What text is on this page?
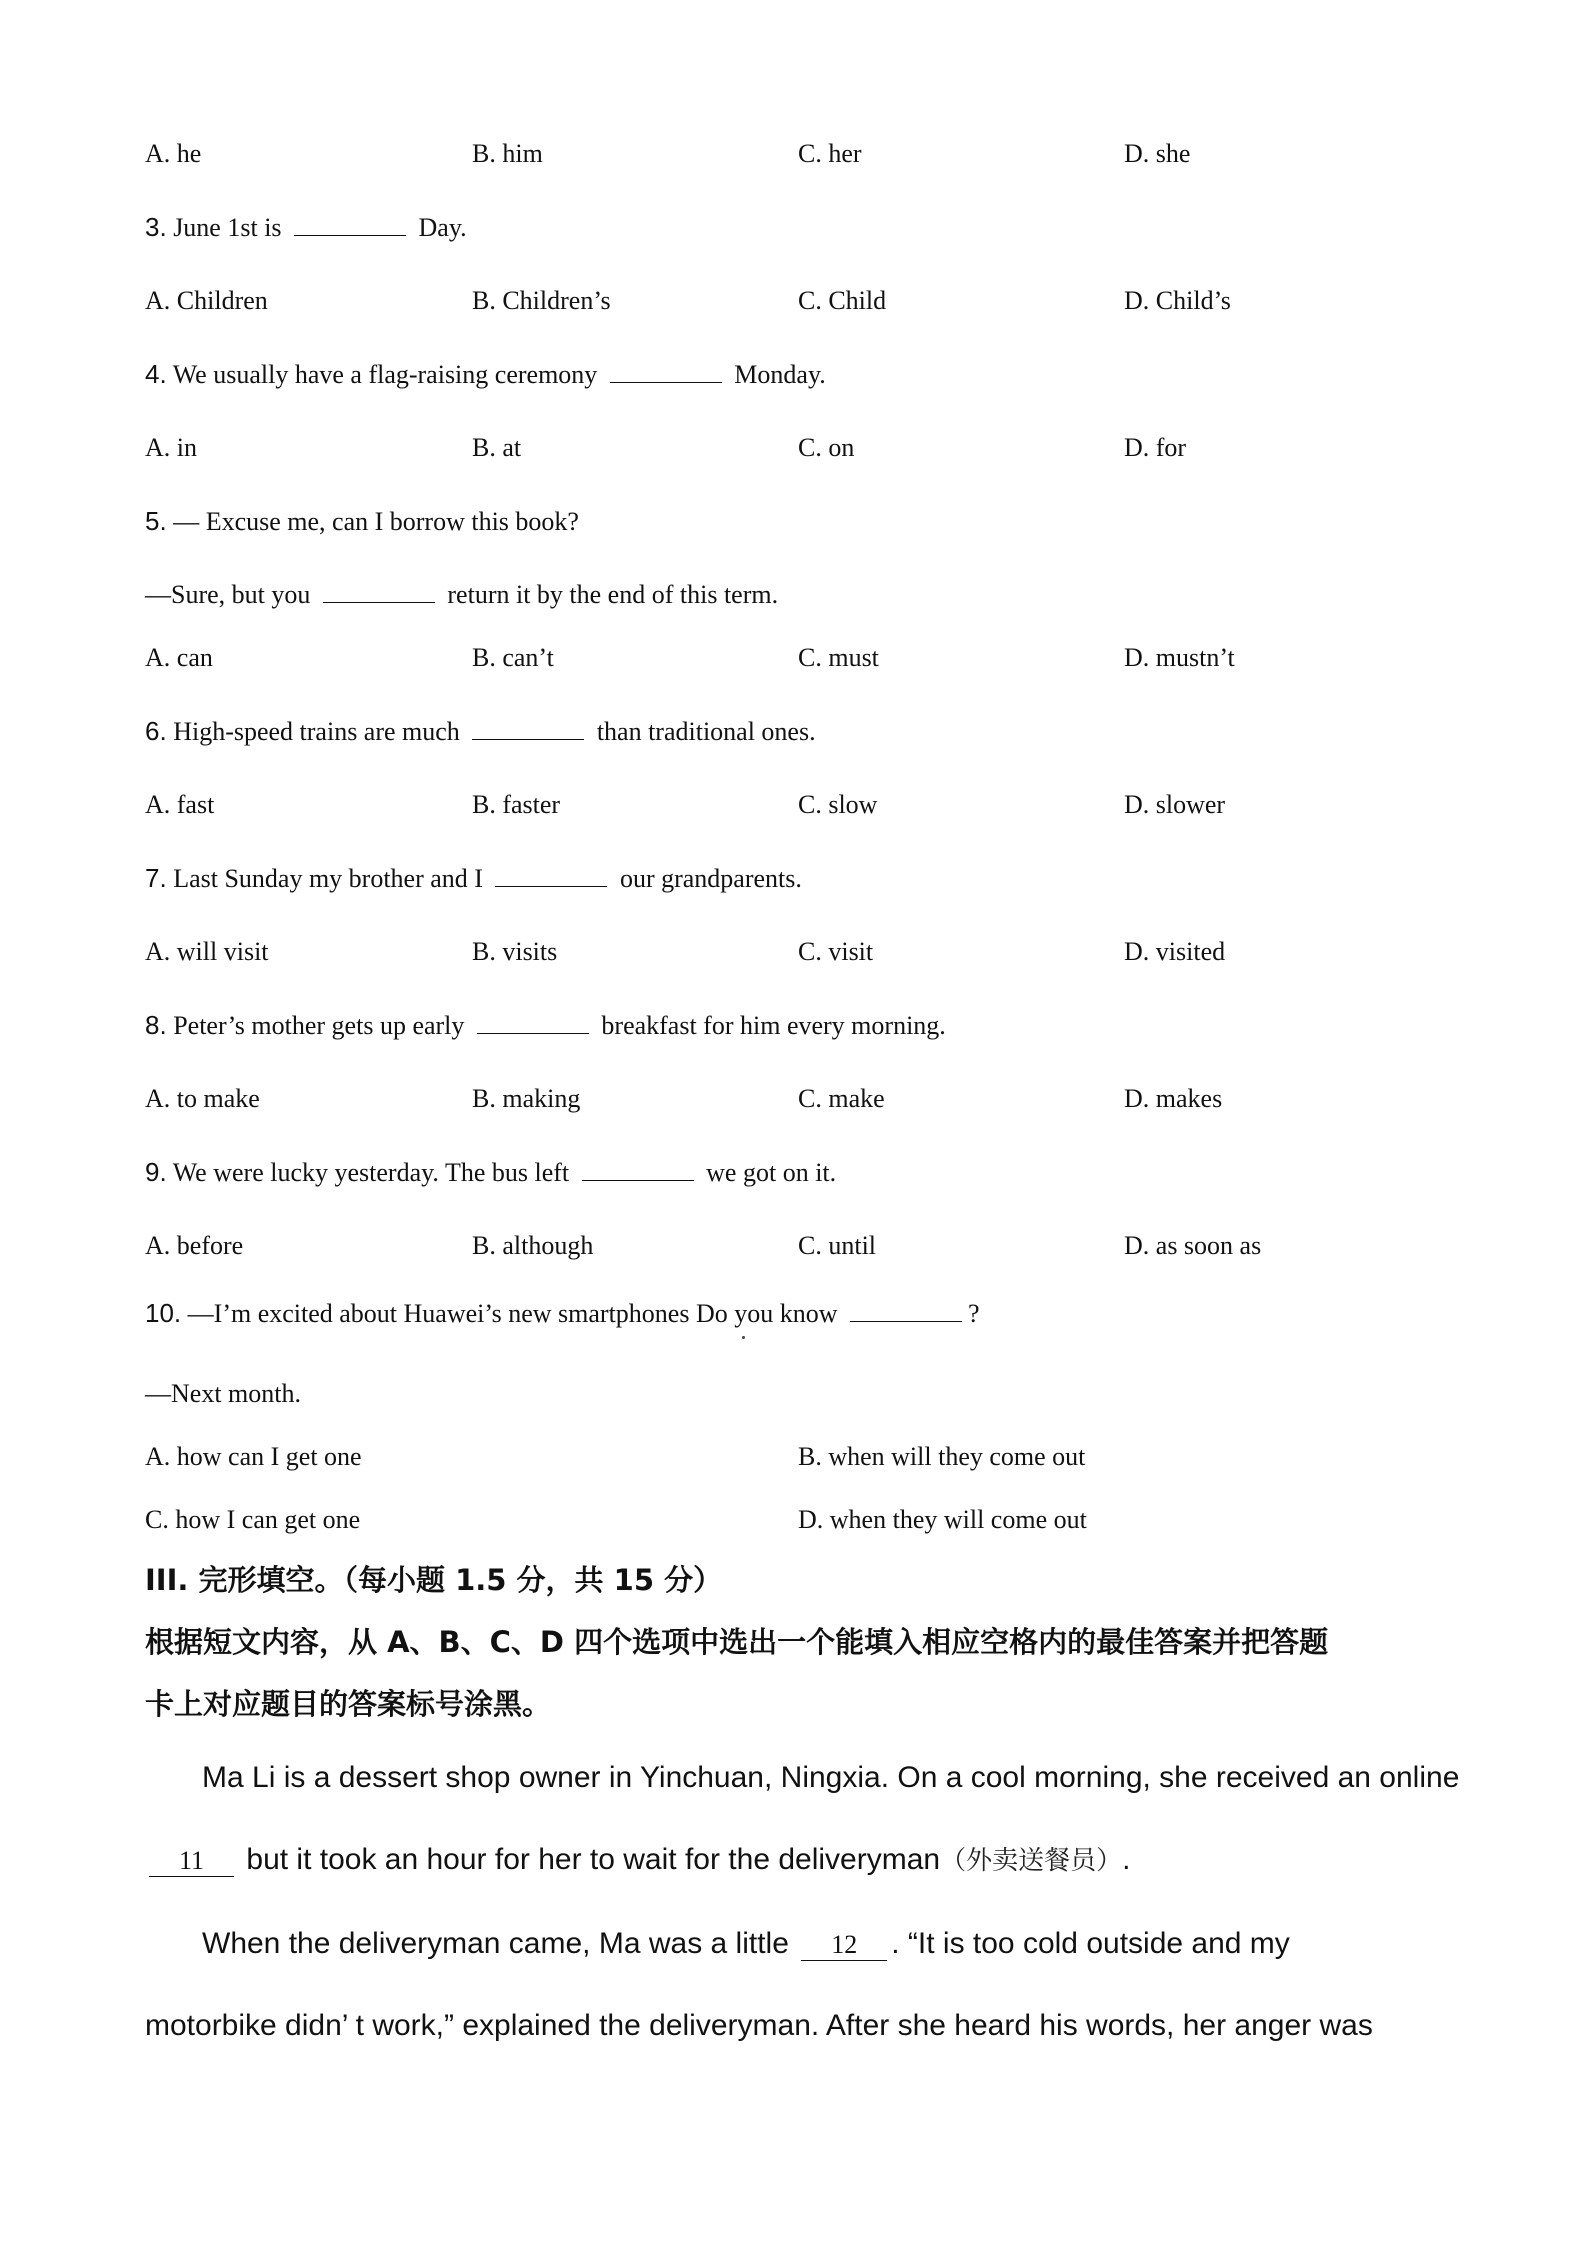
A. he	B. him	C. her	D. she
3. June 1st is	Day.
A. Children	B. Children’s	C. Child	D. Child’s
4. We usually have a flag-raising ceremony	Monday.
A. in	B. at	C. on	D. for
5. — Excuse me, can I borrow this book?
—Sure, but you	return it by the end of this term.
A. can	B. can’t	C. must	D. mustn’t
6. High-speed trains are much	than traditional ones.
A. fast	B. faster	C. slow	D. slower
7. Last Sunday my brother and I	our grandparents.
A. will visit	B. visits	C. visit	D. visited
8. Peter’s mother gets up early	breakfast for him every morning.
A. to make	B. making	C. make	D. makes
9. We were lucky yesterday. The bus left	we got on it.
A. before	B. although	C. until	D. as soon as
10. —I’m excited about Huawei’s new smartphones Do you know	?
—Next month.
A. how can I get one	B. when will they come out
C. how I can get one	D. when they will come out
III. 完形填空。（每小题 1.5 分，共 15 分）
根据短文内容，从 A、B、C、D 四个选项中选出一个能填入相应空格内的最佳答案并把答题
卡上对应题目的答案标号涂黑。
Ma Li is a dessert shop owner in Yinchuan, Ningxia. On a cool morning, she received an online
11 but it took an hour for her to wait for the deliveryman（外卖送餐员）.
When the deliveryman came, Ma was a little 12 . “It is too cold outside and my
motorbike didn’ t work,” explained the deliveryman. After she heard his words, her anger was
